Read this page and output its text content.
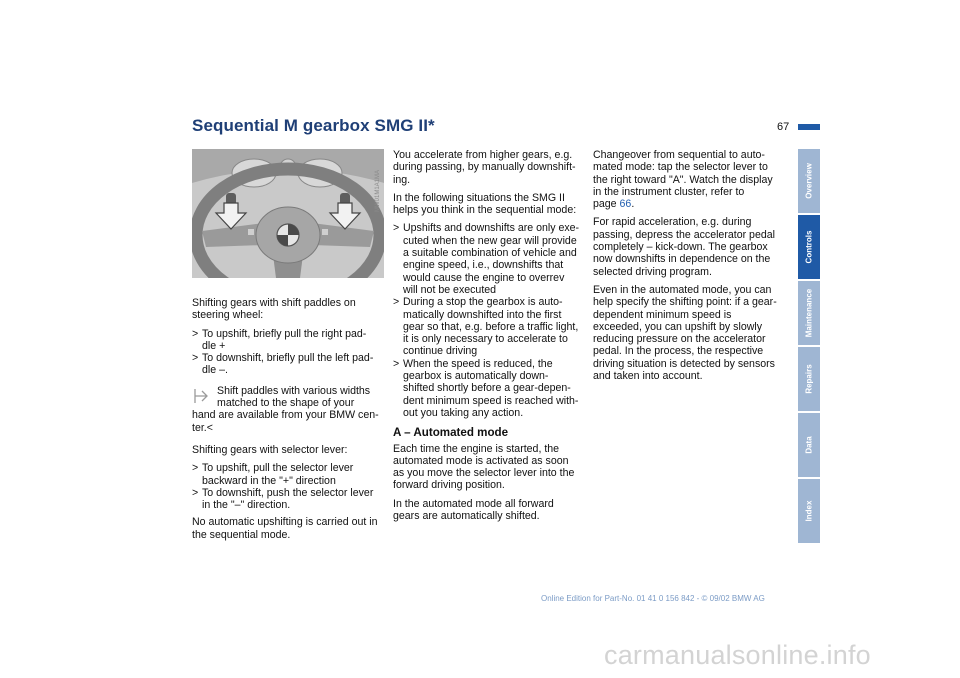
Sequential M gearbox SMG II*	67
MW01M1A1MA

Shifting gears with shift paddles on
steering wheel:

> To upshift, briefly pull the right pad-
dle +
> To downshift, briefly pull the left pad-
dle –.
Shift paddles with various widths
matched to the shape of your
hand are available from your BMW cen-
ter.<

Shifting gears with selector lever:

> To upshift, pull the selector lever
backward in the "+" direction
> To downshift, push the selector lever
in the "–" direction.

No automatic upshifting is carried out in
the sequential mode.

You accelerate from higher gears, e.g.
during passing, by manually downshift-
ing.

In the following situations the SMG II
helps you think in the sequential mode:

> Upshifts and downshifts are only exe-
cuted when the new gear will provide
a suitable combination of vehicle and
engine speed, i.e., downshifts that
would cause the engine to overrev
will not be executed
> During a stop the gearbox is auto-
matically downshifted into the first
gear so that, e.g. before a traffic light,
it is only necessary to accelerate to
continue driving
> When the speed is reduced, the
gearbox is automatically down-
shifted shortly before a gear-depen-
dent minimum speed is reached with-
out you taking any action.
A – Automated mode

Each time the engine is started, the
automated mode is activated as soon
as you move the selector lever into the
forward driving position.

In the automated mode all forward
gears are automatically shifted.

Changeover from sequential to auto-
mated mode: tap the selector lever to
the right toward "A". Watch the display
in the instrument cluster, refer to
page 66.

For rapid acceleration, e.g. during
passing, depress the accelerator pedal
completely – kick-down. The gearbox
now downshifts in dependence on the
selected driving program.

Even in the automated mode, you can
help specify the shifting point: if a gear-
dependent minimum speed is
exceeded, you can upshift by slowly
reducing pressure on the accelerator
pedal. In the process, the respective
driving situation is detected by sensors
and taken into account.

Overview
Controls
Maintenance
Repairs
Data
Index
Online Edition for Part-No. 01 41 0 156 842 - © 09/02 BMW AG
carmanualsonline.info
